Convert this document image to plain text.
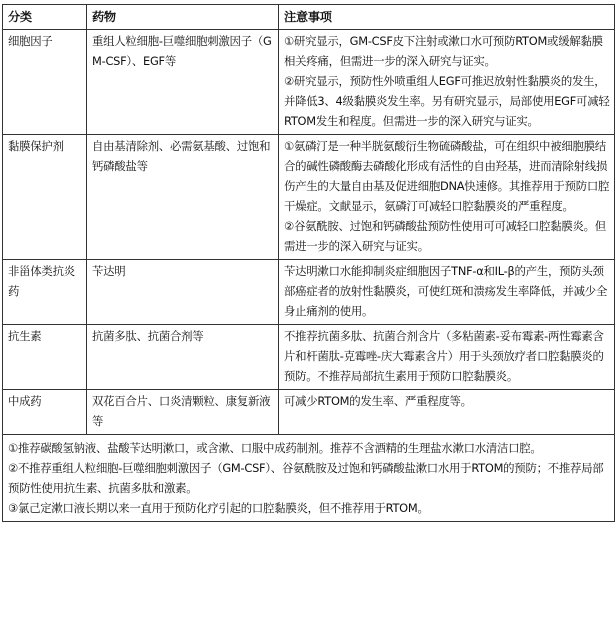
分类	药物	注意事项
细胞因子	重组人粒细胞-巨噬细胞刺激因子（GM-CSF）、EGF等	①研究显示，GM-CSF皮下注射或漱口水可预防RTOM或缓解黏膜相关疼痛，但需进一步的深入研究与证实。
②研究显示，预防性外喷重组人EGF可推迟放射性黏膜炎的发生，并降低3、4级黏膜炎发生率。另有研究显示，局部使用EGF可减轻RTOM发生和程度。但需进一步的深入研究与证实。

黏膜保护剂	自由基清除剂、必需氨基酸、过饱和钙磷酸盐等	①氨磷汀是一种半胱氨酸衍生物硫磷酸盐，可在组织中被细胞膜结合的碱性磷酸酶去磷酸化形成有活性的自由羟基，进而清除射线损伤产生的大量自由基及促进细胞DNA快速修。其推荐用于预防口腔干燥症。文献显示，氨磷汀可减轻口腔黏膜炎的严重程度。
②谷氨酰胺、过饱和钙磷酸盐预防性使用可可减轻口腔黏膜炎。但需进一步的深入研究与证实。

非甾体类抗炎药	苄达明	苄达明漱口水能抑制炎症细胞因子TNF-α和IL-β的产生，预防头颈部癌症者的放射性黏膜炎，可使红斑和溃疡发生率降低，并减少全身止痛剂的使用。

抗生素	抗菌多肽、抗菌合剂等	不推荐抗菌多肽、抗菌合剂含片（多粘菌素-妥布霉素-两性霉素含片和杆菌肽-克霉唑-庆大霉素含片）用于头颈放疗者口腔黏膜炎的预防。不推荐局部抗生素用于预防口腔黏膜炎。

中成药	双花百合片、口炎清颗粒、康复新液等	可减少RTOM的发生率、严重程度等。

①推荐碳酸氢钠液、盐酸苄达明漱口，或含漱、口服中成药制剂。推荐不含酒精的生理盐水漱口水清洁口腔。
②不推荐重组人粒细胞-巨噬细胞刺激因子（GM-CSF）、谷氨酰胺及过饱和钙磷酸盐漱口水用于RTOM的预防；不推荐局部预防性使用抗生素、抗菌多肽和激素。
③氯己定漱口液长期以来一直用于预防化疗引起的口腔黏膜炎，但不推荐用于RTOM。		
